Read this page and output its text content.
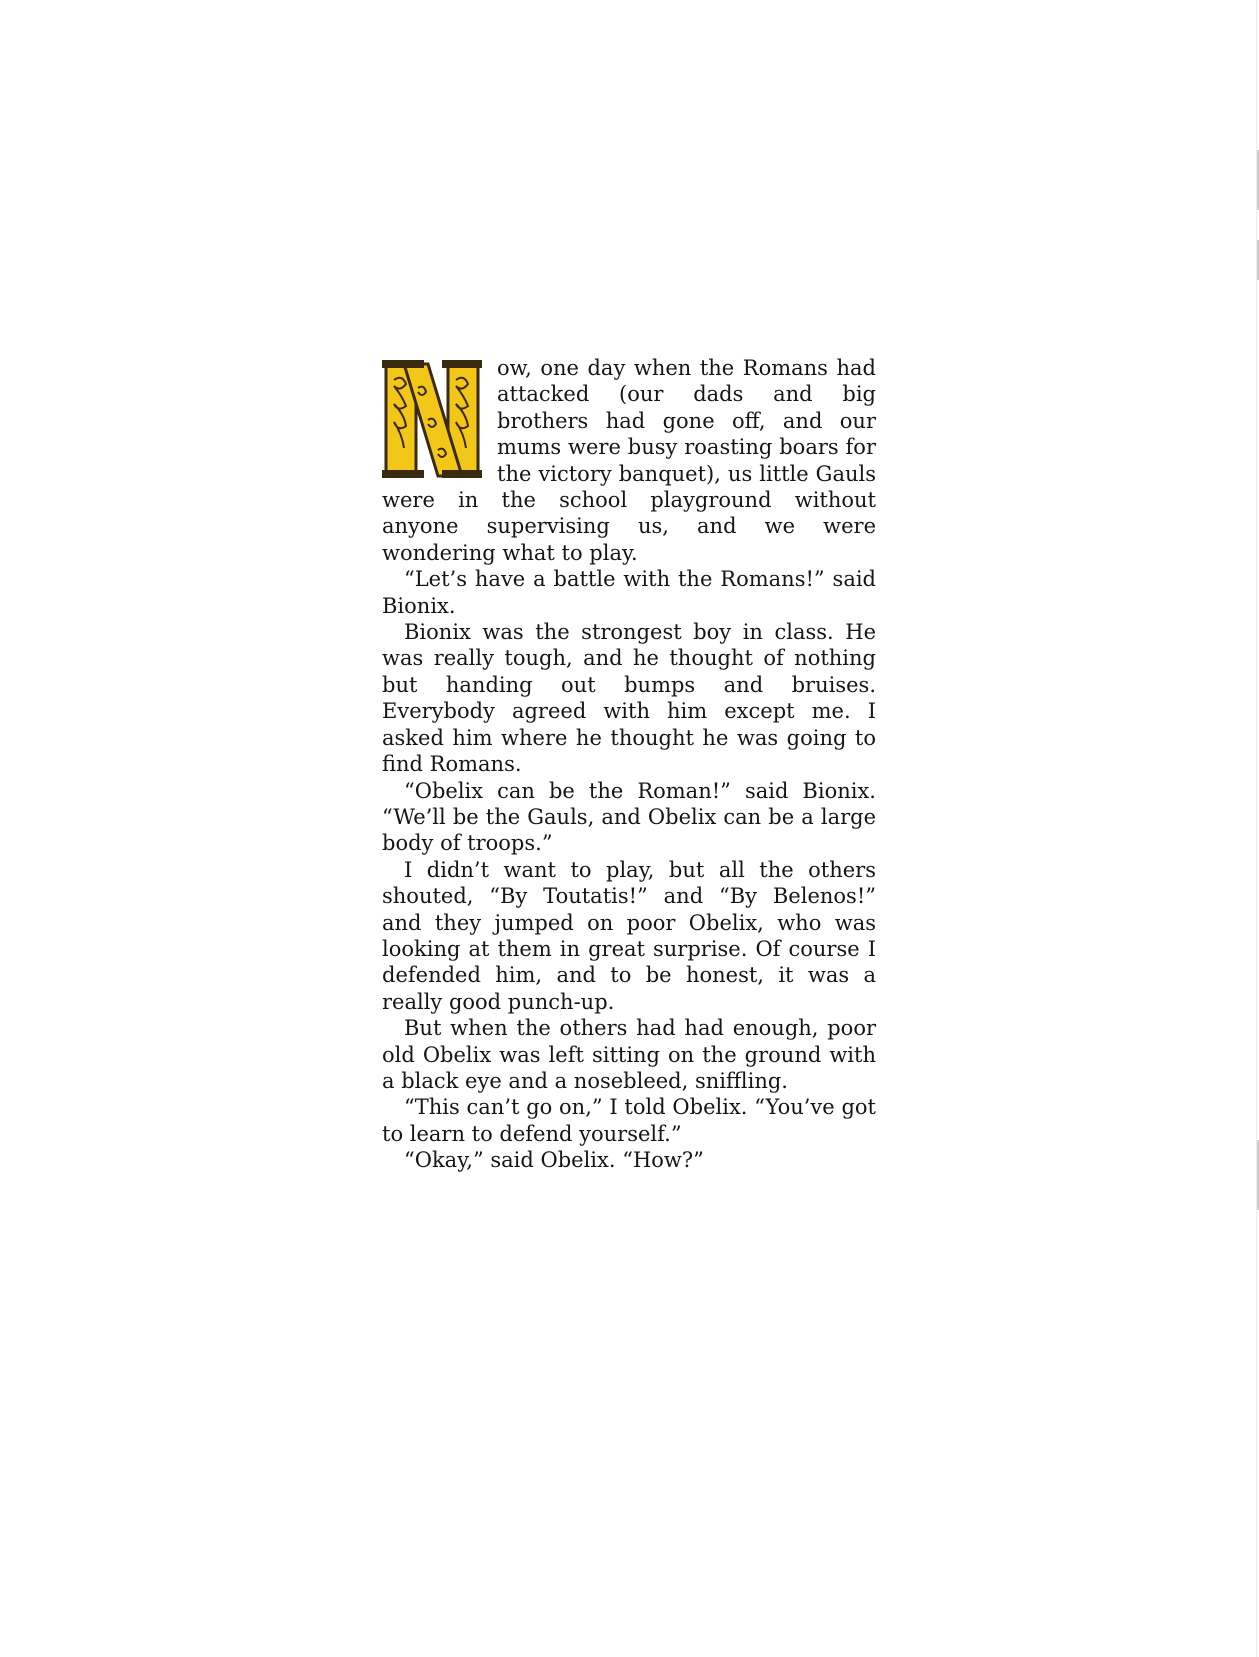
N
ow, one day when the Romans had attacked (our dads and big brothers had gone off, and our mums were busy roasting boars for the victory banquet), us little Gauls were in the school playground without anyone supervising us, and we were wondering what to play.

“Let’s have a battle with the Romans!” said Bionix.

Bionix was the strongest boy in class. He was really tough, and he thought of nothing but handing out bumps and bruises. Everybody agreed with him except me. I asked him where he thought he was going to find Romans.

“Obelix can be the Roman!” said Bionix. “We’ll be the Gauls, and Obelix can be a large body of troops.”

I didn’t want to play, but all the others shouted, “By Toutatis!” and “By Belenos!” and they jumped on poor Obelix, who was looking at them in great surprise. Of course I defended him, and to be honest, it was a really good punch-up.

But when the others had had enough, poor old Obelix was left sitting on the ground with a black eye and a nosebleed, sniffling.

“This can’t go on,” I told Obelix. “You’ve got to learn to defend yourself.”

“Okay,” said Obelix. “How?”
